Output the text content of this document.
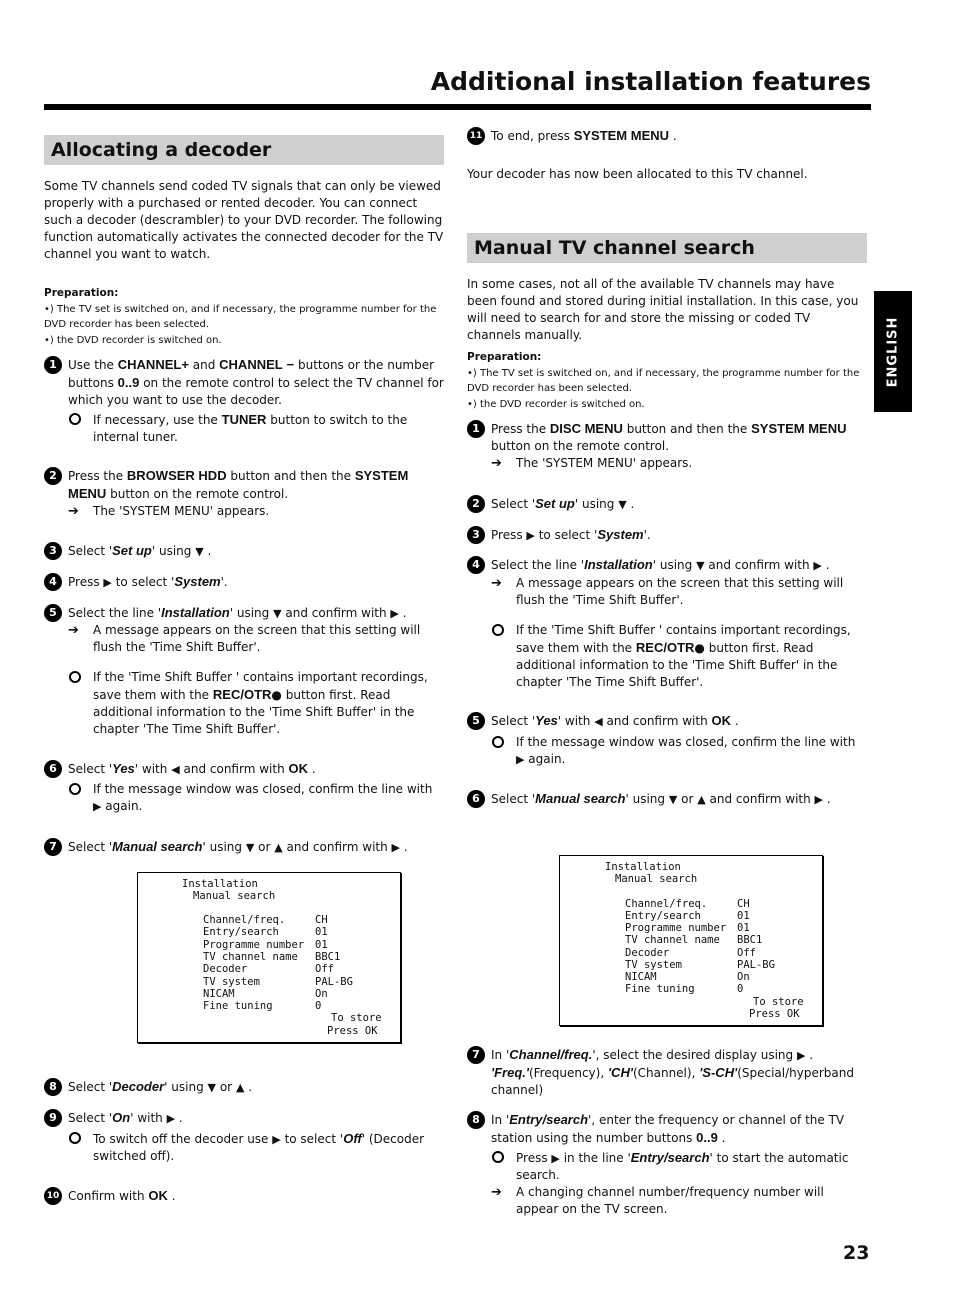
Additional installation features
ENGLISH
Allocating a decoder
Some TV channels send coded TV signals that can only be viewed properly with a purchased or rented decoder. You can connect such a decoder (descrambler) to your DVD recorder. The following function automatically activates the connected decoder for the TV channel you want to watch.
Preparation:
•) The TV set is switched on, and if necessary, the programme number for the DVD recorder has been selected.
•) the DVD recorder is switched on.
1 Use the CHANNEL+ and CHANNEL − buttons or the number buttons 0..9 on the remote control to select the TV channel for which you want to use the decoder.
If necessary, use the TUNER button to switch to the internal tuner.
2 Press the BROWSER HDD button and then the SYSTEM MENU button on the remote control.
➔ The 'SYSTEM MENU' appears.
3 Select 'Set up' using ▼ .
4 Press ▶ to select 'System'.
5 Select the line 'Installation' using ▼ and confirm with ▶ .
➔ A message appears on the screen that this setting will flush the 'Time Shift Buffer'.
If the 'Time Shift Buffer ' contains important recordings, save them with the REC/OTR● button first. Read additional information to the 'Time Shift Buffer' in the chapter 'The Time Shift Buffer'.
6 Select 'Yes' with ◀ and confirm with OK .
If the message window was closed, confirm the line with ▶ again.
7 Select 'Manual search' using ▼ or ▲ and confirm with ▶ .
Installation
Manual search
Channel/freq.	CH
Entry/search	01
Programme number 01
TV channel name BBC1
Decoder	Off
TV system	PAL-BG
NICAM	On
Fine tuning	0
To store
Press OK
8 Select 'Decoder' using ▼ or ▲ .
9 Select 'On' with ▶ .
To switch off the decoder use ▶ to select 'Off' (Decoder switched off).
10 Confirm with OK .
11 To end, press SYSTEM MENU .
Your decoder has now been allocated to this TV channel.
Manual TV channel search
In some cases, not all of the available TV channels may have been found and stored during initial installation. In this case, you will need to search for and store the missing or coded TV channels manually.
Preparation:
•) The TV set is switched on, and if necessary, the programme number for the DVD recorder has been selected.
•) the DVD recorder is switched on.
1 Press the DISC MENU button and then the SYSTEM MENU button on the remote control.
➔ The 'SYSTEM MENU' appears.
2 Select 'Set up' using ▼ .
3 Press ▶ to select 'System'.
4 Select the line 'Installation' using ▼ and confirm with ▶ .
➔ A message appears on the screen that this setting will flush the 'Time Shift Buffer'.
If the 'Time Shift Buffer ' contains important recordings, save them with the REC/OTR● button first. Read additional information to the 'Time Shift Buffer' in the chapter 'The Time Shift Buffer'.
5 Select 'Yes' with ◀ and confirm with OK .
If the message window was closed, confirm the line with ▶ again.
6 Select 'Manual search' using ▼ or ▲ and confirm with ▶ .
Installation
Manual search
Channel/freq.	CH
Entry/search	01
Programme number 01
TV channel name BBC1
Decoder	Off
TV system	PAL-BG
NICAM	On
Fine tuning	0
To store
Press OK
7 In 'Channel/freq.', select the desired display using ▶ . 'Freq.'(Frequency), 'CH'(Channel), 'S-CH'(Special/hyperband channel)
8 In 'Entry/search', enter the frequency or channel of the TV station using the number buttons 0..9 .
Press ▶ in the line 'Entry/search' to start the automatic search.
➔ A changing channel number/frequency number will appear on the TV screen.
23
